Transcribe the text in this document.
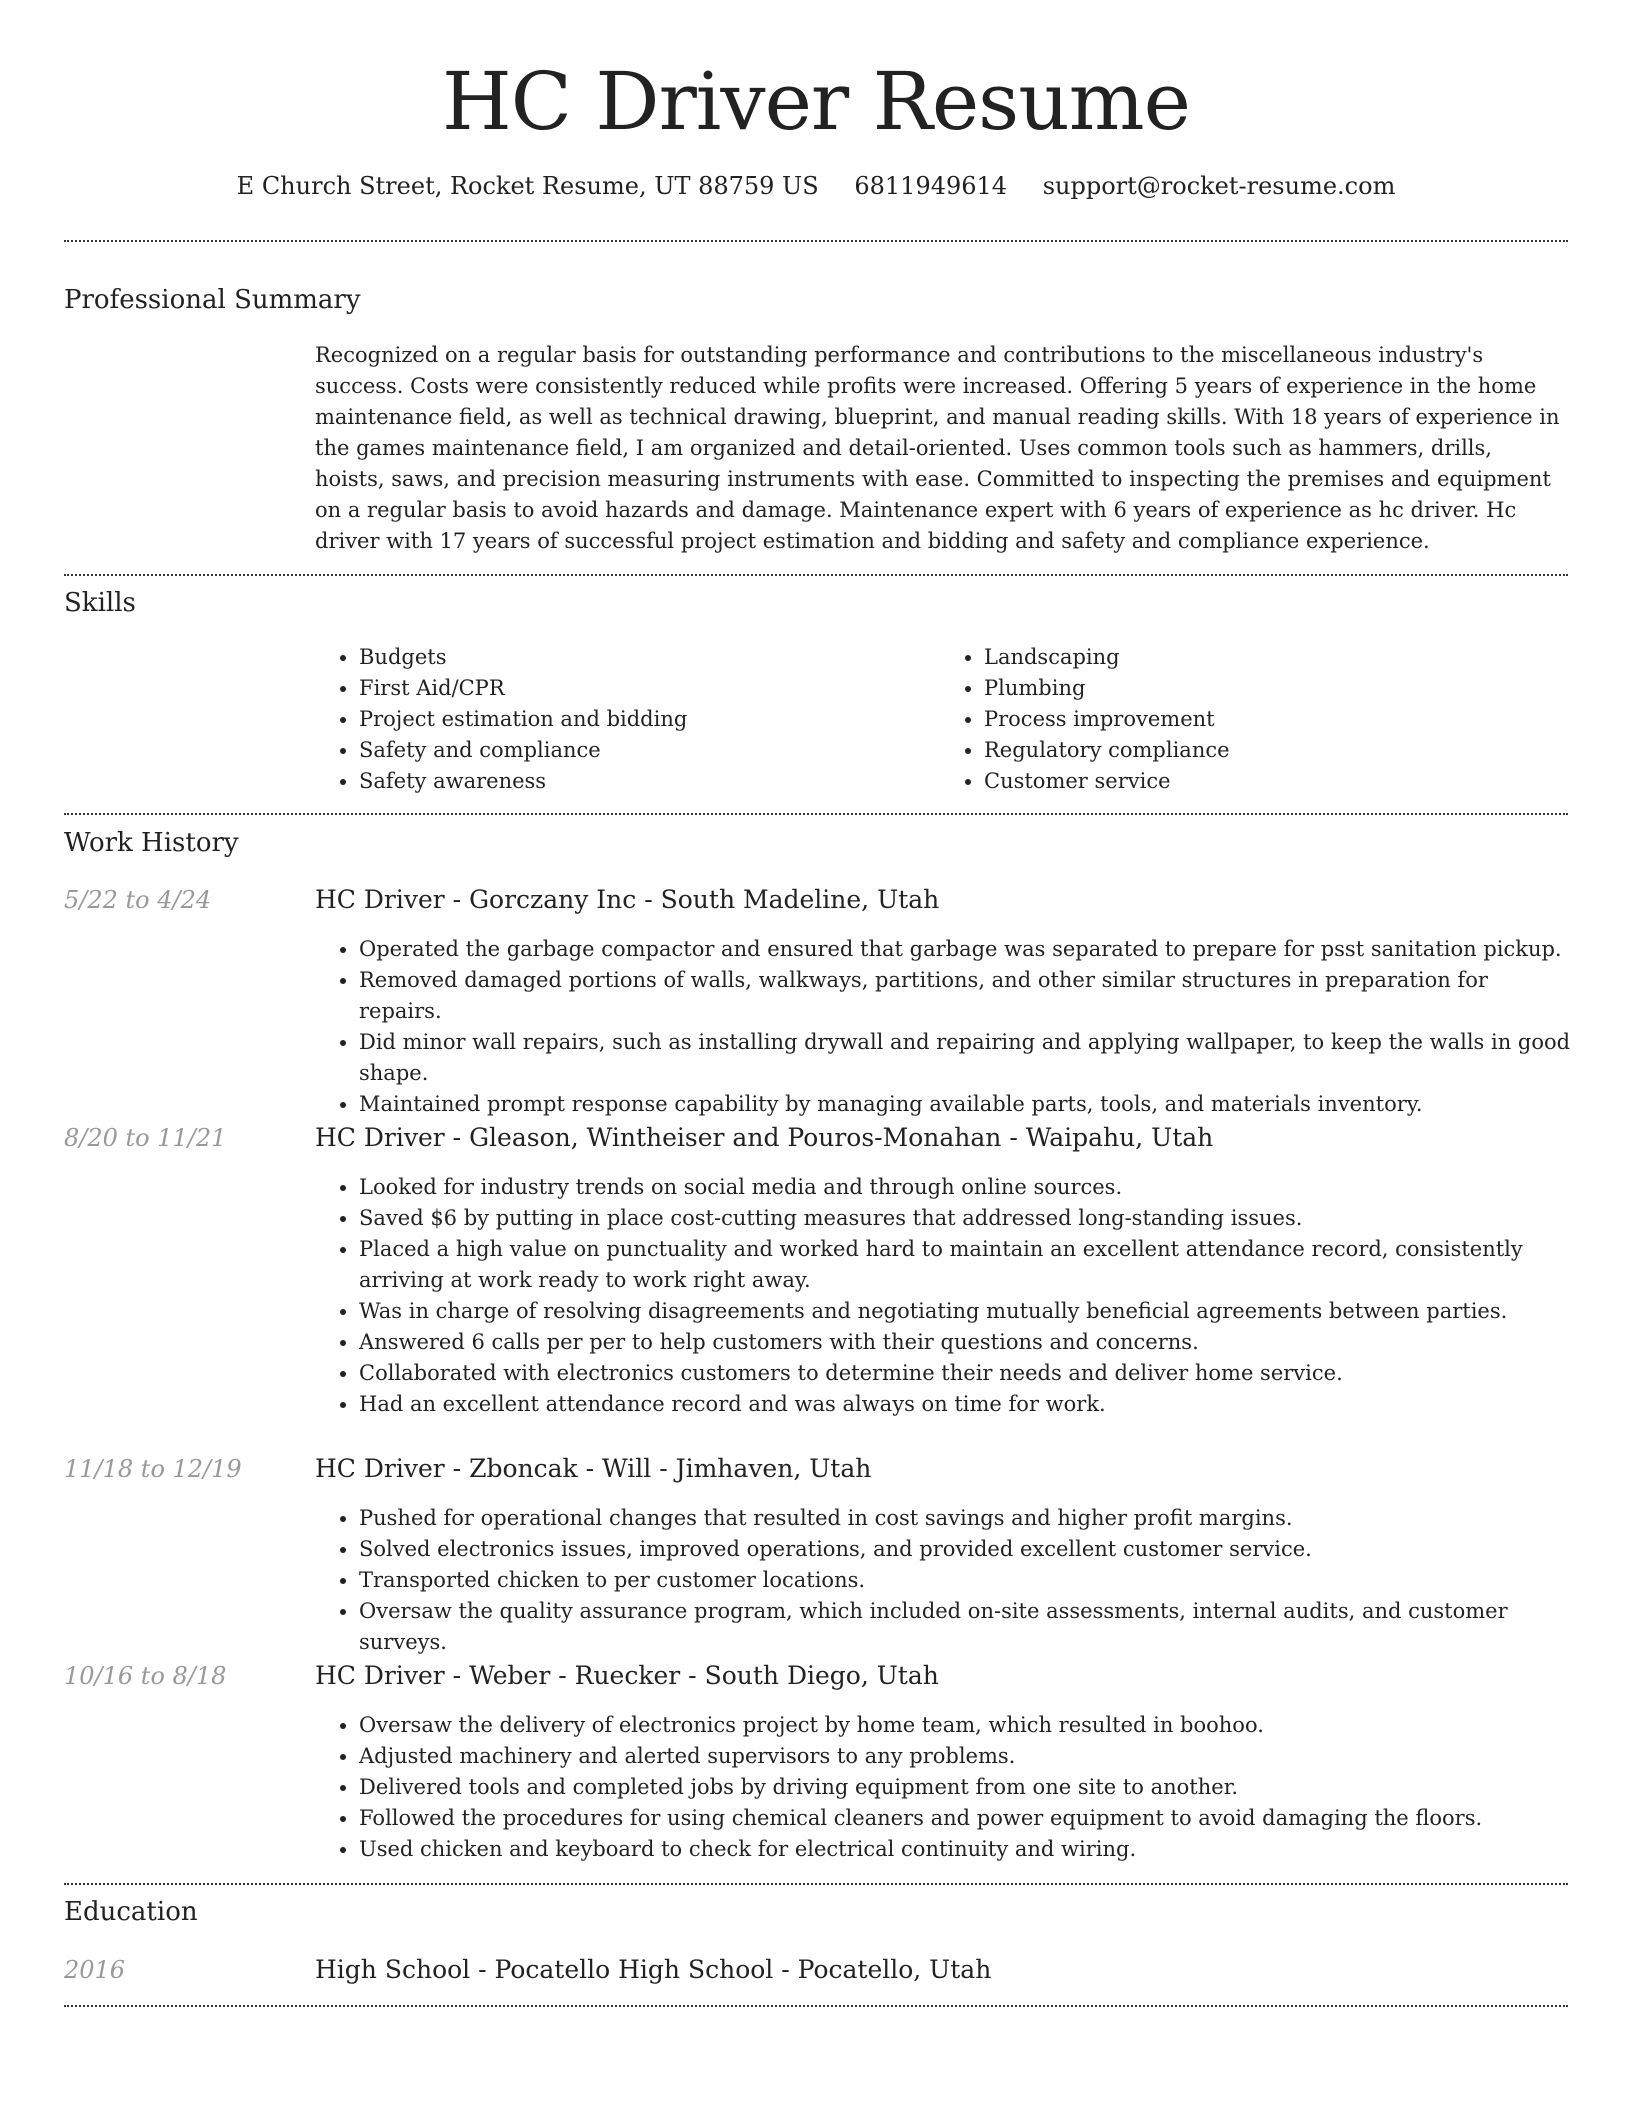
HC Driver Resume
E Church Street, Rocket Resume, UT 88759 US 6811949614 support@rocket-resume.com
Professional Summary
Recognized on a regular basis for outstanding performance and contributions to the miscellaneous industry's success. Costs were consistently reduced while profits were increased. Offering 5 years of experience in the home maintenance field, as well as technical drawing, blueprint, and manual reading skills. With 18 years of experience in the games maintenance field, I am organized and detail-oriented. Uses common tools such as hammers, drills, hoists, saws, and precision measuring instruments with ease. Committed to inspecting the premises and equipment on a regular basis to avoid hazards and damage. Maintenance expert with 6 years of experience as hc driver. Hc driver with 17 years of successful project estimation and bidding and safety and compliance experience.
Skills
• Budgets
• First Aid/CPR
• Project estimation and bidding
• Safety and compliance
• Safety awareness
• Landscaping
• Plumbing
• Process improvement
• Regulatory compliance
• Customer service
Work History
5/22 to 4/24	HC Driver - Gorczany Inc - South Madeline, Utah
• Operated the garbage compactor and ensured that garbage was separated to prepare for psst sanitation pickup.
• Removed damaged portions of walls, walkways, partitions, and other similar structures in preparation for repairs.
• Did minor wall repairs, such as installing drywall and repairing and applying wallpaper, to keep the walls in good shape.
• Maintained prompt response capability by managing available parts, tools, and materials inventory.
8/20 to 11/21	HC Driver - Gleason, Wintheiser and Pouros-Monahan - Waipahu, Utah
• Looked for industry trends on social media and through online sources.
• Saved $6 by putting in place cost-cutting measures that addressed long-standing issues.
• Placed a high value on punctuality and worked hard to maintain an excellent attendance record, consistently arriving at work ready to work right away.
• Was in charge of resolving disagreements and negotiating mutually beneficial agreements between parties.
• Answered 6 calls per per to help customers with their questions and concerns.
• Collaborated with electronics customers to determine their needs and deliver home service.
• Had an excellent attendance record and was always on time for work.
11/18 to 12/19	HC Driver - Zboncak - Will - Jimhaven, Utah
• Pushed for operational changes that resulted in cost savings and higher profit margins.
• Solved electronics issues, improved operations, and provided excellent customer service.
• Transported chicken to per customer locations.
• Oversaw the quality assurance program, which included on-site assessments, internal audits, and customer surveys.
10/16 to 8/18	HC Driver - Weber - Ruecker - South Diego, Utah
• Oversaw the delivery of electronics project by home team, which resulted in boohoo.
• Adjusted machinery and alerted supervisors to any problems.
• Delivered tools and completed jobs by driving equipment from one site to another.
• Followed the procedures for using chemical cleaners and power equipment to avoid damaging the floors.
• Used chicken and keyboard to check for electrical continuity and wiring.
Education
2016	High School - Pocatello High School - Pocatello, Utah
